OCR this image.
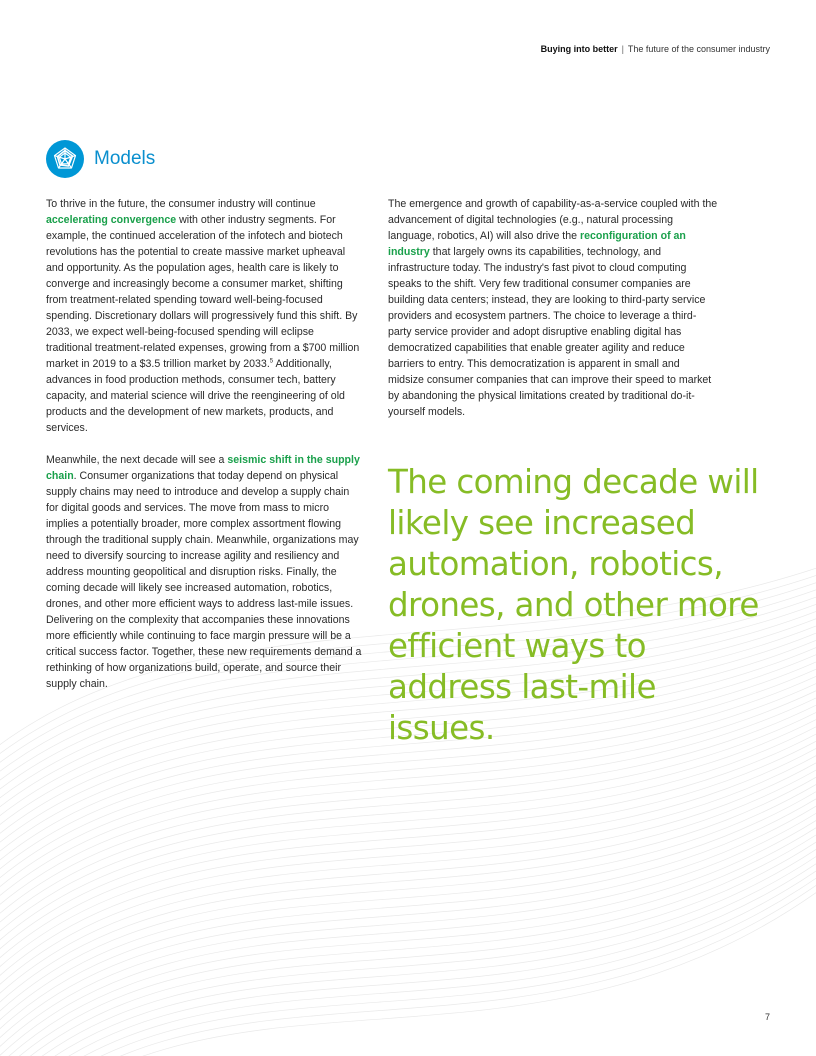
Buying into better | The future of the consumer industry
Models

To thrive in the future, the consumer industry will continue accelerating convergence with other industry segments. For example, the continued acceleration of the infotech and biotech revolutions has the potential to create massive market upheaval and opportunity. As the population ages, health care is likely to converge and increasingly become a consumer market, shifting from treatment-related spending toward well-being-focused spending. Discretionary dollars will progressively fund this shift. By 2033, we expect well-being-focused spending will eclipse traditional treatment-related expenses, growing from a $700 million market in 2019 to a $3.5 trillion market by 2033.$^5$ Additionally, advances in food production methods, consumer tech, battery capacity, and material science will drive the reengineering of old products and the development of new markets, products, and services.

Meanwhile, the next decade will see a seismic shift in the supply chain. Consumer organizations that today depend on physical supply chains may need to introduce and develop a supply chain for digital goods and services. The move from mass to micro implies a potentially broader, more complex assortment flowing through the traditional supply chain. Meanwhile, organizations may need to diversify sourcing to increase agility and resiliency and address mounting geopolitical and disruption risks. Finally, the coming decade will likely see increased automation, robotics, drones, and other more efficient ways to address last-mile issues. Delivering on the complexity that accompanies these innovations more efficiently while continuing to face margin pressure will be a critical success factor. Together, these new requirements demand a rethinking of how organizations build, operate, and source their supply chain.

The emergence and growth of capability-as-a-service coupled with the advancement of digital technologies (e.g., natural processing language, robotics, AI) will also drive the reconfiguration of an industry that largely owns its capabilities, technology, and infrastructure today. The industry's fast pivot to cloud computing speaks to the shift. Very few traditional consumer companies are building data centers; instead, they are looking to third-party service providers and ecosystem partners. The choice to leverage a third-party service provider and adopt disruptive enabling digital has democratized capabilities that enable greater agility and reduce barriers to entry. This democratization is apparent in small and midsize consumer companies that can improve their speed to market by abandoning the physical limitations created by traditional do-it-yourself models.

The coming decade will likely see increased automation, robotics, drones, and other more efficient ways to address last-mile issues.
7
